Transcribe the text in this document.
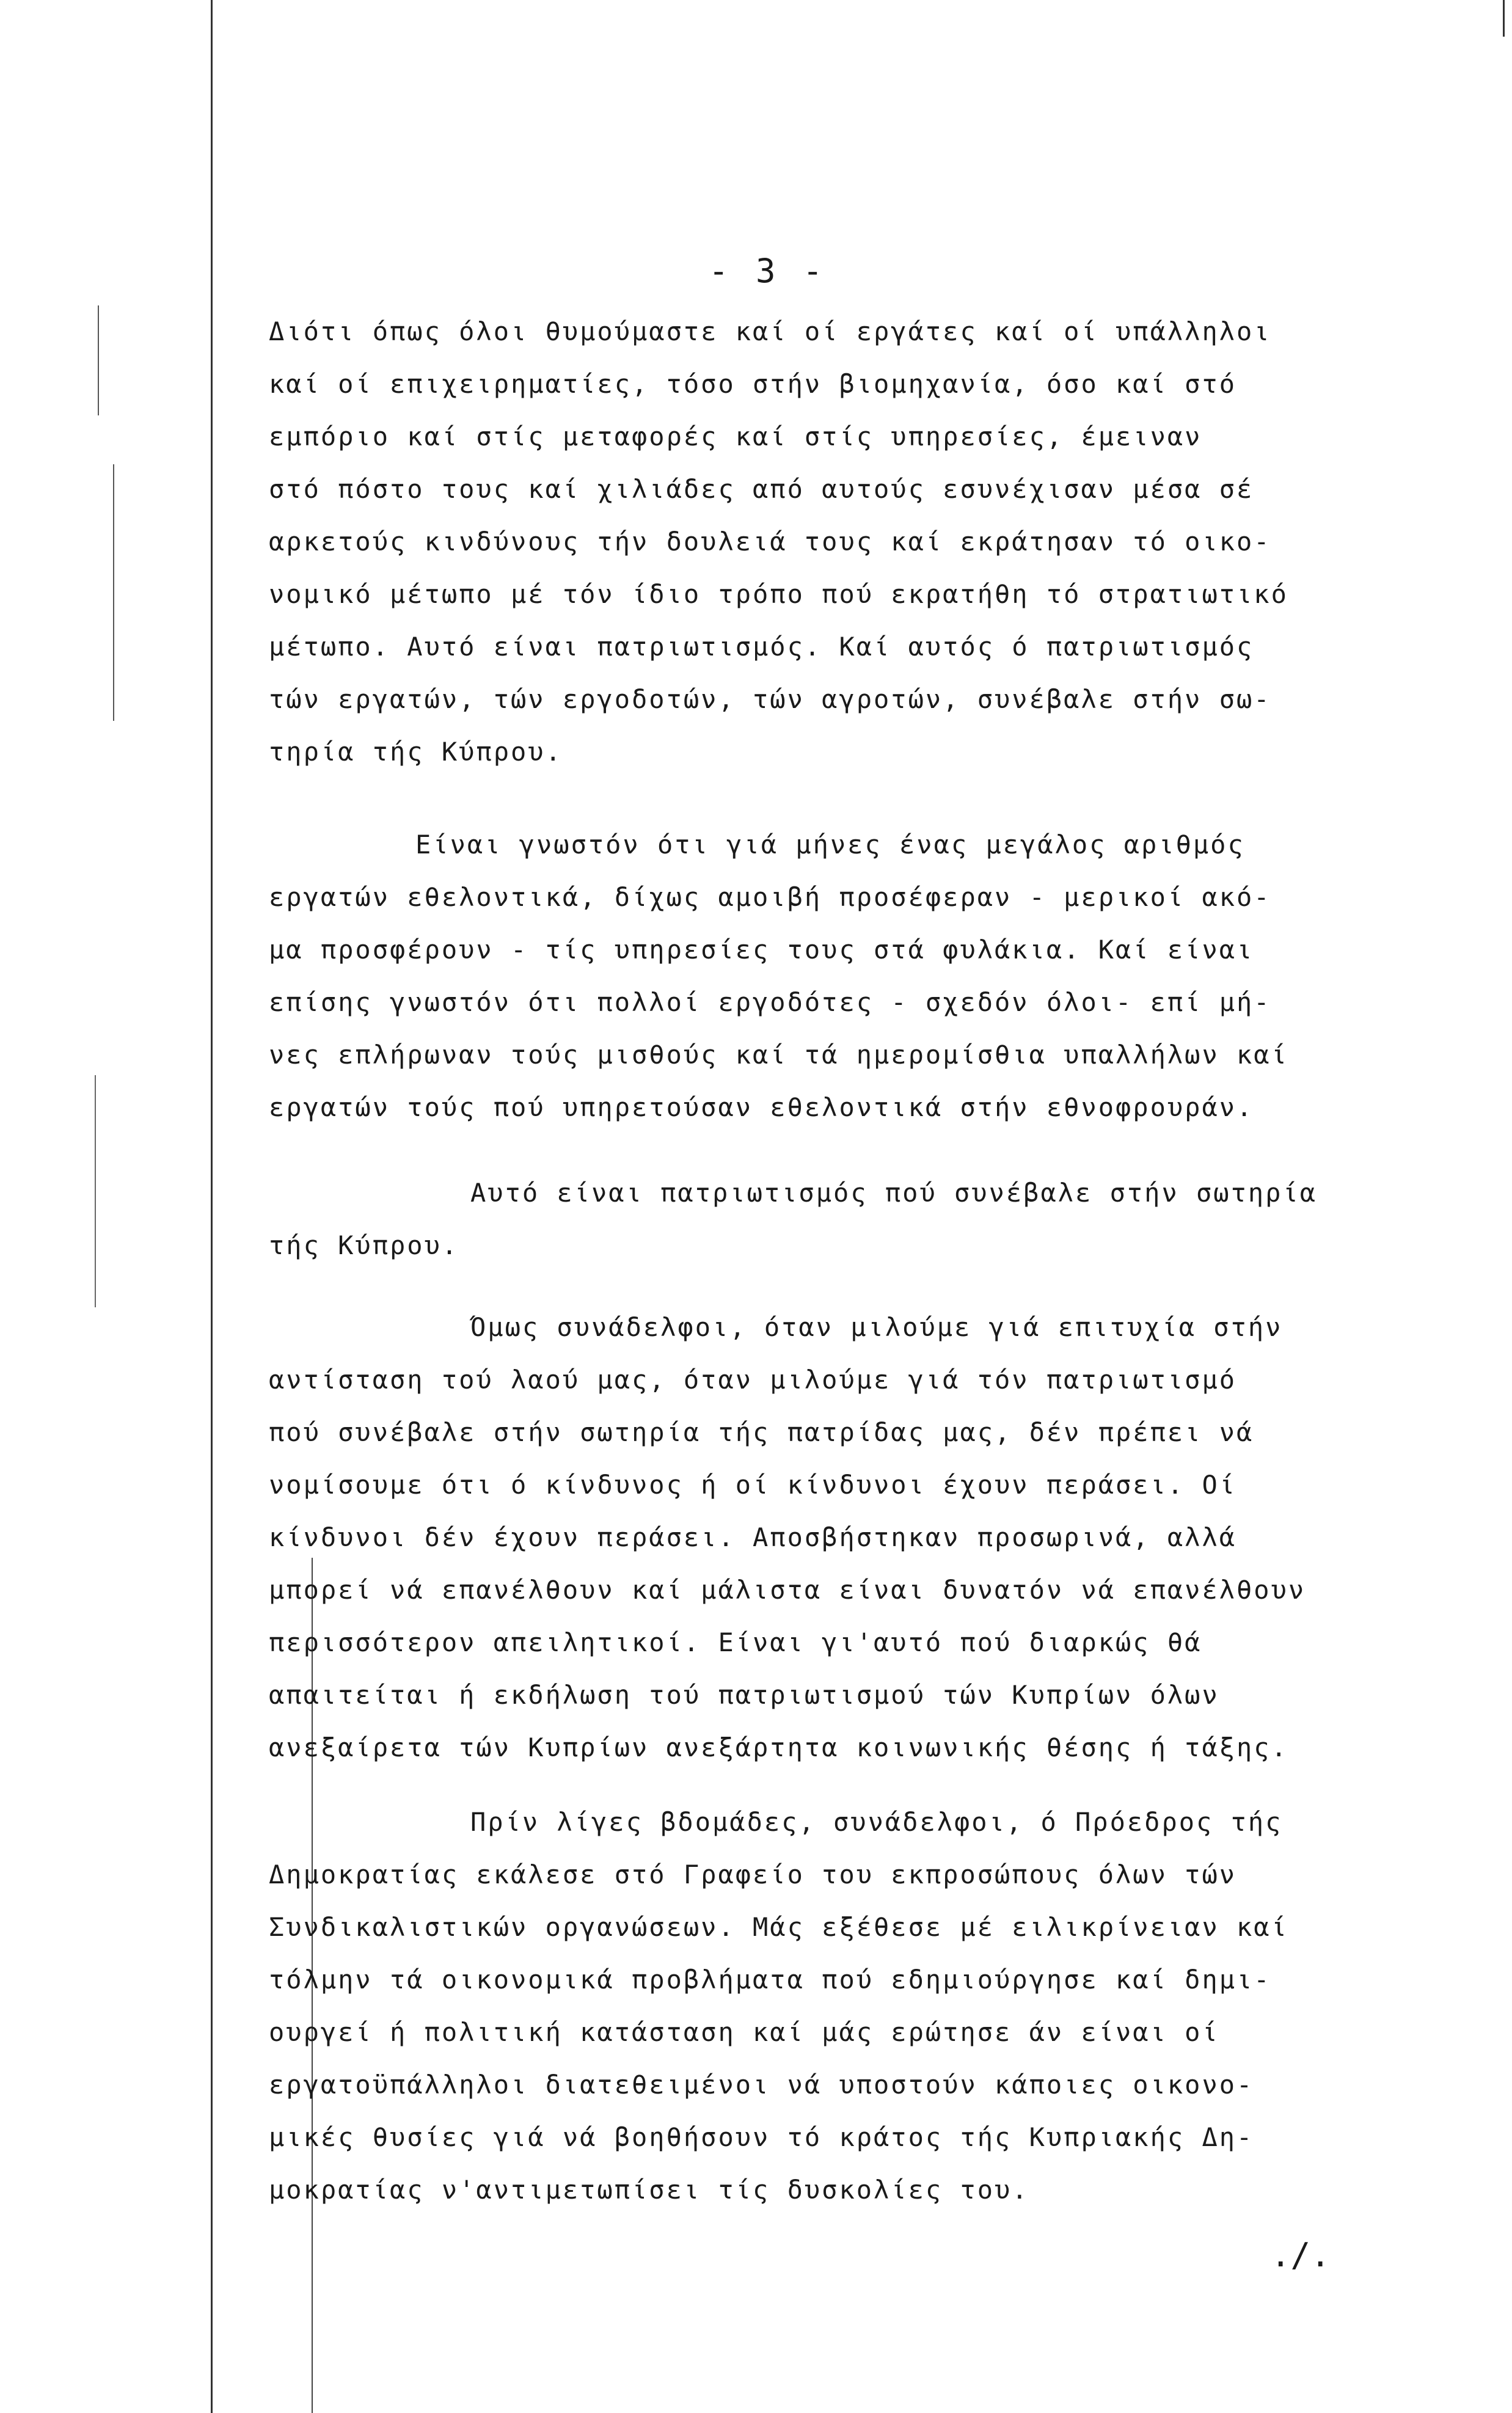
- 3 -
Διότι όπως όλοι θυμούμαστε καί οί εργάτες καί οί υπάλληλοι
καί οί επιχειρηματίες, τόσο στήν βιομηχανία, όσο καί στό
εμπόριο καί στίς μεταφορές καί στίς υπηρεσίες, έμειναν
στό πόστο τους καί χιλιάδες από αυτούς εσυνέχισαν μέσα σέ
αρκετούς κινδύνους τήν δουλειά τους καί εκράτησαν τό οικο-
νομικό μέτωπο μέ τόν ίδιο τρόπο πού εκρατήθη τό στρατιωτικό
μέτωπο. Αυτό είναι πατριωτισμός. Καί αυτός ό πατριωτισμός
τών εργατών, τών εργοδοτών, τών αγροτών, συνέβαλε στήν σω-
τηρία τής Κύπρου.
Είναι γνωστόν ότι γιά μήνες ένας μεγάλος αριθμός
εργατών εθελοντικά, δίχως αμοιβή προσέφεραν - μερικοί ακό-
μα προσφέρουν - τίς υπηρεσίες τους στά φυλάκια. Καί είναι
επίσης γνωστόν ότι πολλοί εργοδότες - σχεδόν όλοι- επί μή-
νες επλήρωναν τούς μισθούς καί τά ημερομίσθια υπαλλήλων καί
εργατών τούς πού υπηρετούσαν εθελοντικά στήν εθνοφρουράν.
Αυτό είναι πατριωτισμός πού συνέβαλε στήν σωτηρία
τής Κύπρου.
Όμως συνάδελφοι, όταν μιλούμε γιά επιτυχία στήν
αντίσταση τού λαού μας, όταν μιλούμε γιά τόν πατριωτισμό
πού συνέβαλε στήν σωτηρία τής πατρίδας μας, δέν πρέπει νά
νομίσουμε ότι ό κίνδυνος ή οί κίνδυνοι έχουν περάσει. Οί
κίνδυνοι δέν έχουν περάσει. Αποσβήστηκαν προσωρινά, αλλά
μπορεί νά επανέλθουν καί μάλιστα είναι δυνατόν νά επανέλθουν
περισσότερον απειλητικοί. Είναι γι'αυτό πού διαρκώς θά
απαιτείται ή εκδήλωση τού πατριωτισμού τών Κυπρίων όλων
ανεξαίρετα τών Κυπρίων ανεξάρτητα κοινωνικής θέσης ή τάξης.
Πρίν λίγες βδομάδες, συνάδελφοι, ό Πρόεδρος τής
Δημοκρατίας εκάλεσε στό Γραφείο του εκπροσώπους όλων τών
Συνδικαλιστικών οργανώσεων. Μάς εξέθεσε μέ ειλικρίνειαν καί
τόλμην τά οικονομικά προβλήματα πού εδημιούργησε καί δημι-
ουργεί ή πολιτική κατάσταση καί μάς ερώτησε άν είναι οί
εργατοϋπάλληλοι διατεθειμένοι νά υποστούν κάποιες οικονο-
μικές θυσίες γιά νά βοηθήσουν τό κράτος τής Κυπριακής Δη-
μοκρατίας ν'αντιμετωπίσει τίς δυσκολίες του.
./.
